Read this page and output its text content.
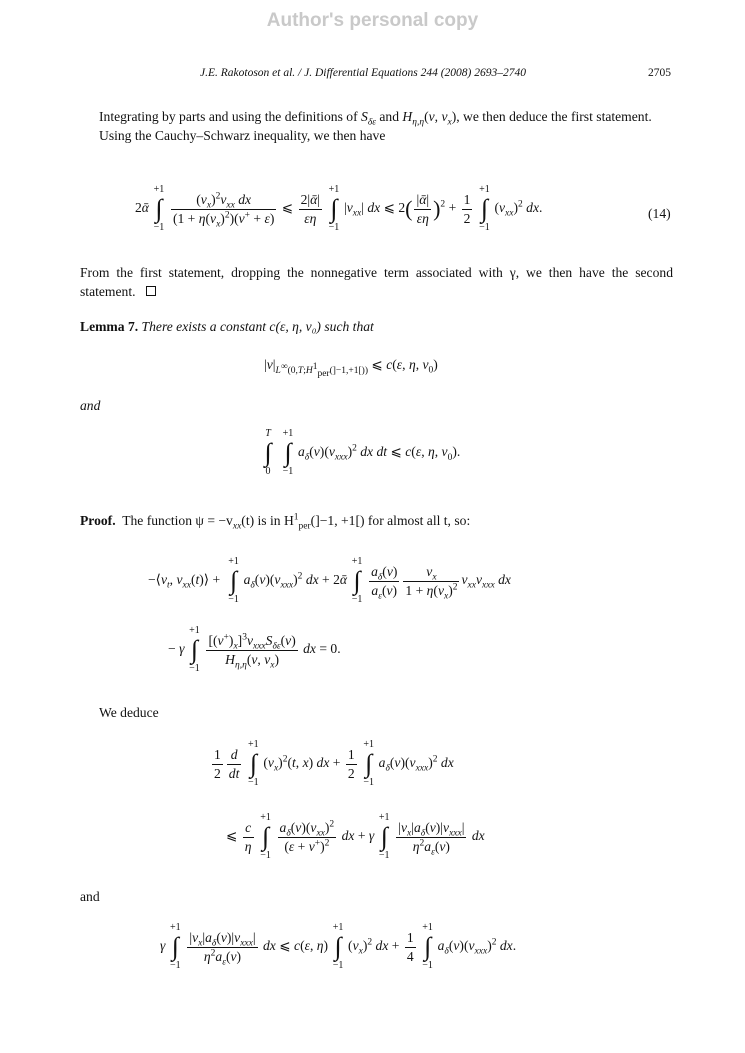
Author's personal copy
J.E. Rakotoson et al. / J. Differential Equations 244 (2008) 2693–2740	2705

Integrating by parts and using the definitions of $S_{\delta\varepsilon}$ and $H_{\eta,\eta}(v$, $v_x$), we then deduce the first statement.

Using the Cauchy–Schwarz inequality, we then have

2ᾱ
+1
∫
−1
$\frac{(v_x)^2v_{xx} dx}{(1 + \eta(v_x)^2)(v^+ + \varepsilon)}$ ⩽ $\frac{\text{2|ᾱ|}}{\varepsilon\eta}$
+1
∫
−1
$|v_{xx}|$ dx ⩽ $2( \frac{\text{|ᾱ|}}{\varepsilon\eta} )^2 + \frac{1}{2}$
+1
∫
−1
$(v_{xx})^2$ dx.	(14)

From the first statement, dropping the nonnegative term associated with γ, we then have the second statement.

Lemma 7. There exists a constant c(ε, η, v₀) such that

$|v|_{L^\infty(0,T;H^1_{per}(]-1,+1[))}$ ⩽ c(ε, η, $v_0$)

and

T
∫
0
+1
∫
−1
$a_\delta(v)(v_{xxx})^2$ dx dt ⩽ c(ε, η, $v_0$).

Proof. The function $\psi = -v_{xx}(t)$ is in $H^1_{per}(]-1$, +1[) for almost all t, so:

$-⟨v_t$, $v_{xx}(t)⟩$ +
+1
∫
−1
$a_\delta(v)(v_{xxx})^2$ dx + 2ᾱ
+1
∫
−1
$\frac{a_\delta(v)}{a_\varepsilon(v)} \frac{v_x}{1 + \eta(v_x)^2} v_{xx}v_{xxx}$ dx
− γ
+1
∫
−1
$\frac{[(v^+)_x]^3v_{xxx}S_{\delta\varepsilon}(v)}{H_{\eta,\eta}(v, v_x)}$ dx = 0.

We deduce

$\frac{1}{2} \frac{d}{dt}$
+1
∫
−1
$(v_x)^2(t$, x) dx + $\frac{1}{2}$
+1
∫
−1
$a_\delta(v)(v_{xxx})^2$ dx
⩽ $\frac{c}{\eta}$
+1
∫
−1
$\frac{a_\delta(v)(v_{xx})^2}{(\varepsilon + v^+)^2}$ dx + γ
+1
∫
−1
$\frac{|v_x|a_\delta(v)|v_{xxx}|}{\eta^2a_\varepsilon(v)}$ dx

and

γ
+1
∫
−1
$\frac{|v_x|a_\delta(v)|v_{xxx}|}{\eta^2a_\varepsilon(v)}$ dx ⩽ c(ε, η)
+1
∫
−1
$(v_x)^2$ dx + $\frac{1}{4}$
+1
∫
−1
$a_\delta(v)(v_{xxx})^2$ dx.
